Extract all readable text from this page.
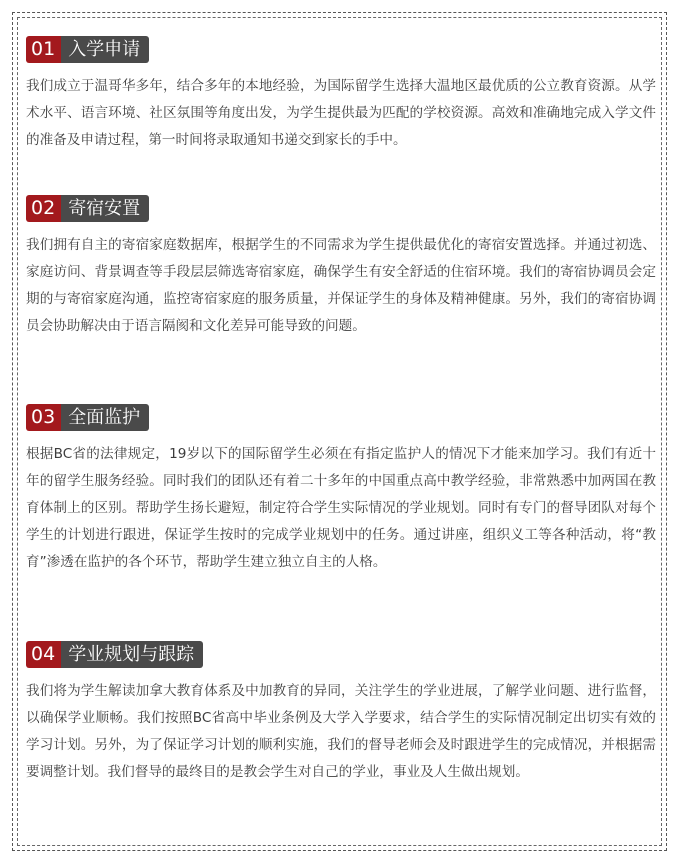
01 入学申请
我们成立于温哥华多年，结合多年的本地经验，为国际留学生选择大温地区最优质的公立教育资源。从学术水平、语言环境、社区氛围等角度出发，为学生提供最为匹配的学校资源。高效和准确地完成入学文件的准备及申请过程，第一时间将录取通知书递交到家长的手中。
02 寄宿安置
我们拥有自主的寄宿家庭数据库，根据学生的不同需求为学生提供最优化的寄宿安置选择。并通过初选、家庭访问、背景调查等手段层层筛选寄宿家庭，确保学生有安全舒适的住宿环境。我们的寄宿协调员会定期的与寄宿家庭沟通，监控寄宿家庭的服务质量，并保证学生的身体及精神健康。另外，我们的寄宿协调员会协助解决由于语言隔阂和文化差异可能导致的问题。
03 全面监护
根据BC省的法律规定，19岁以下的国际留学生必须在有指定监护人的情况下才能来加学习。我们有近十年的留学生服务经验。同时我们的团队还有着二十多年的中国重点高中教学经验，非常熟悉中加两国在教育体制上的区别。帮助学生扬长避短，制定符合学生实际情况的学业规划。同时有专门的督导团队对每个学生的计划进行跟进，保证学生按时的完成学业规划中的任务。通过讲座，组织义工等各种活动，将“教育”渗透在监护的各个环节，帮助学生建立独立自主的人格。
04 学业规划与跟踪
我们将为学生解读加拿大教育体系及中加教育的异同，关注学生的学业进展，了解学业问题、进行监督，以确保学业顺畅。我们按照BC省高中毕业条例及大学入学要求，结合学生的实际情况制定出切实有效的学习计划。另外，为了保证学习计划的顺利实施，我们的督导老师会及时跟进学生的完成情况，并根据需要调整计划。我们督导的最终目的是教会学生对自己的学业，事业及人生做出规划。
